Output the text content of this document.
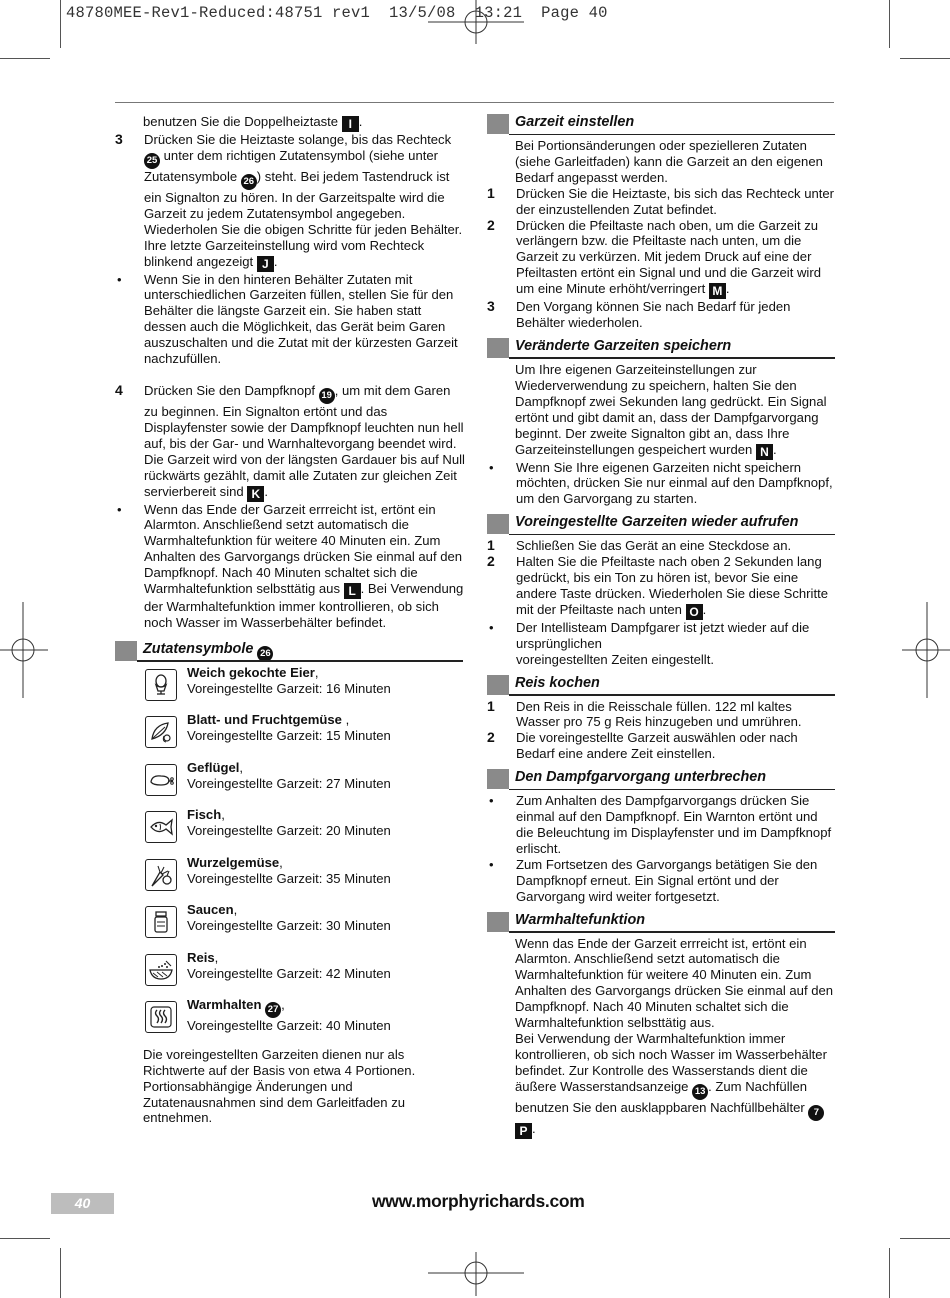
48780MEE-Rev1-Reduced:48751 rev1  13/5/08  13:21  Page 40
benutzen Sie die Doppelheiztaste I .
3 Drücken Sie die Heiztaste solange, bis das Rechteck 25 unter dem richtigen Zutatensymbol (siehe unter Zutatensymbole 26 ) steht. Bei jedem Tastendruck ist ein Signalton zu hören. In der Garzeitspalte wird die Garzeit zu jedem Zutatensymbol angegeben. Wiederholen Sie die obigen Schritte für jeden Behälter. Ihre letzte Garzeiteinstellung wird vom Rechteck blinkend angezeigt J .
• Wenn Sie in den hinteren Behälter Zutaten mit unterschiedlichen Garzeiten füllen, stellen Sie für den Behälter die längste Garzeit ein. Sie haben statt dessen auch die Möglichkeit, das Gerät beim Garen auszuschalten und die Zutat mit der kürzesten Garzeit nachzufüllen.
4 Drücken Sie den Dampfknopf 19 , um mit dem Garen zu beginnen. Ein Signalton ertönt und das Displayfenster sowie der Dampfknopf leuchten nun hell auf, bis der Gar- und Warnhaltevorgang beendet wird. Die Garzeit wird von der längsten Gardauer bis auf Null rückwärts gezählt, damit alle Zutaten zur gleichen Zeit servierbereit sind K .
• Wenn das Ende der Garzeit errreicht ist, ertönt ein Alarmton. Anschließend setzt automatisch die Warmhaltefunktion für weitere 40 Minuten ein. Zum Anhalten des Garvorgangs drücken Sie einmal auf den Dampfknopf. Nach 40 Minuten schaltet sich die Warmhaltefunktion selbsttätig aus L . Bei Verwendung der Warmhaltefunktion immer kontrollieren, ob sich noch Wasser im Wasserbehälter befindet.
Zutatensymbole 26
Weich gekochte Eier,
Voreingestellte Garzeit: 16 Minuten
Blatt- und Fruchtgemüse ,
Voreingestellte Garzeit: 15 Minuten
Geflügel,
Voreingestellte Garzeit: 27 Minuten
Fisch,
Voreingestellte Garzeit: 20 Minuten
Wurzelgemüse,
Voreingestellte Garzeit: 35 Minuten
Saucen,
Voreingestellte Garzeit: 30 Minuten
Reis,
Voreingestellte Garzeit: 42 Minuten
Warmhalten 27 ,
Voreingestellte Garzeit: 40 Minuten
Die voreingestellten Garzeiten dienen nur als Richtwerte auf der Basis von etwa 4 Portionen. Portionsabhängige Änderungen und Zutatenausnahmen sind dem Garleitfaden zu entnehmen.
Garzeit einstellen
Bei Portionsänderungen oder spezielleren Zutaten (siehe Garleitfaden) kann die Garzeit an den eigenen Bedarf angepasst werden.
1 Drücken Sie die Heiztaste, bis sich das Rechteck unter der einzustellenden Zutat befindet.
2 Drücken die Pfeiltaste nach oben, um die Garzeit zu verlängern bzw. die Pfeiltaste nach unten, um die Garzeit zu verkürzen. Mit jedem Druck auf eine der Pfeiltasten ertönt ein Signal und und die Garzeit wird um eine Minute erhöht/verringert M .
3 Den Vorgang können Sie nach Bedarf für jeden Behälter wiederholen.
Veränderte Garzeiten speichern
Um Ihre eigenen Garzeiteinstellungen zur Wiederverwendung zu speichern, halten Sie den Dampfknopf zwei Sekunden lang gedrückt. Ein Signal ertönt und gibt damit an, dass der Dampfgarvorgang beginnt. Der zweite Signalton gibt an, dass Ihre Garzeiteinstellungen gespeichert wurden N .
• Wenn Sie Ihre eigenen Garzeiten nicht speichern möchten, drücken Sie nur einmal auf den Dampfknopf, um den Garvorgang zu starten.
Voreingestellte Garzeiten wieder aufrufen
1 Schließen Sie das Gerät an eine Steckdose an.
2 Halten Sie die Pfeiltaste nach oben 2 Sekunden lang gedrückt, bis ein Ton zu hören ist, bevor Sie eine andere Taste drücken. Wiederholen Sie diese Schritte mit der Pfeiltaste nach unten O .
• Der Intellisteam Dampfgarer ist jetzt wieder auf die ursprünglichen
voreingestellten Zeiten eingestellt.
Reis kochen
1 Den Reis in die Reisschale füllen. 122 ml kaltes Wasser pro 75 g Reis hinzugeben und umrühren.
2 Die voreingestellte Garzeit auswählen oder nach Bedarf eine andere Zeit einstellen.
Den Dampfgarvorgang unterbrechen
• Zum Anhalten des Dampfgarvorgangs drücken Sie einmal auf den Dampfknopf. Ein Warnton ertönt und die Beleuchtung im Displayfenster und im Dampfknopf erlischt.
• Zum Fortsetzen des Garvorgangs betätigen Sie den Dampfknopf erneut. Ein Signal ertönt und der Garvorgang wird weiter fortgesetzt.
Warmhaltefunktion
Wenn das Ende der Garzeit errreicht ist, ertönt ein Alarmton. Anschließend setzt automatisch die Warmhaltefunktion für weitere 40 Minuten ein. Zum Anhalten des Garvorgangs drücken Sie einmal auf den Dampfknopf. Nach 40 Minuten schaltet sich die Warmhaltefunktion selbsttätig aus.
Bei Verwendung der Warmhaltefunktion immer kontrollieren, ob sich noch Wasser im Wasserbehälter befindet. Zur Kontrolle des Wasserstands dient die äußere Wasserstandsanzeige 13 . Zum Nachfüllen benutzen Sie den ausklappbaren Nachfüllbehälter 7 P .
40	www.morphyrichards.com
